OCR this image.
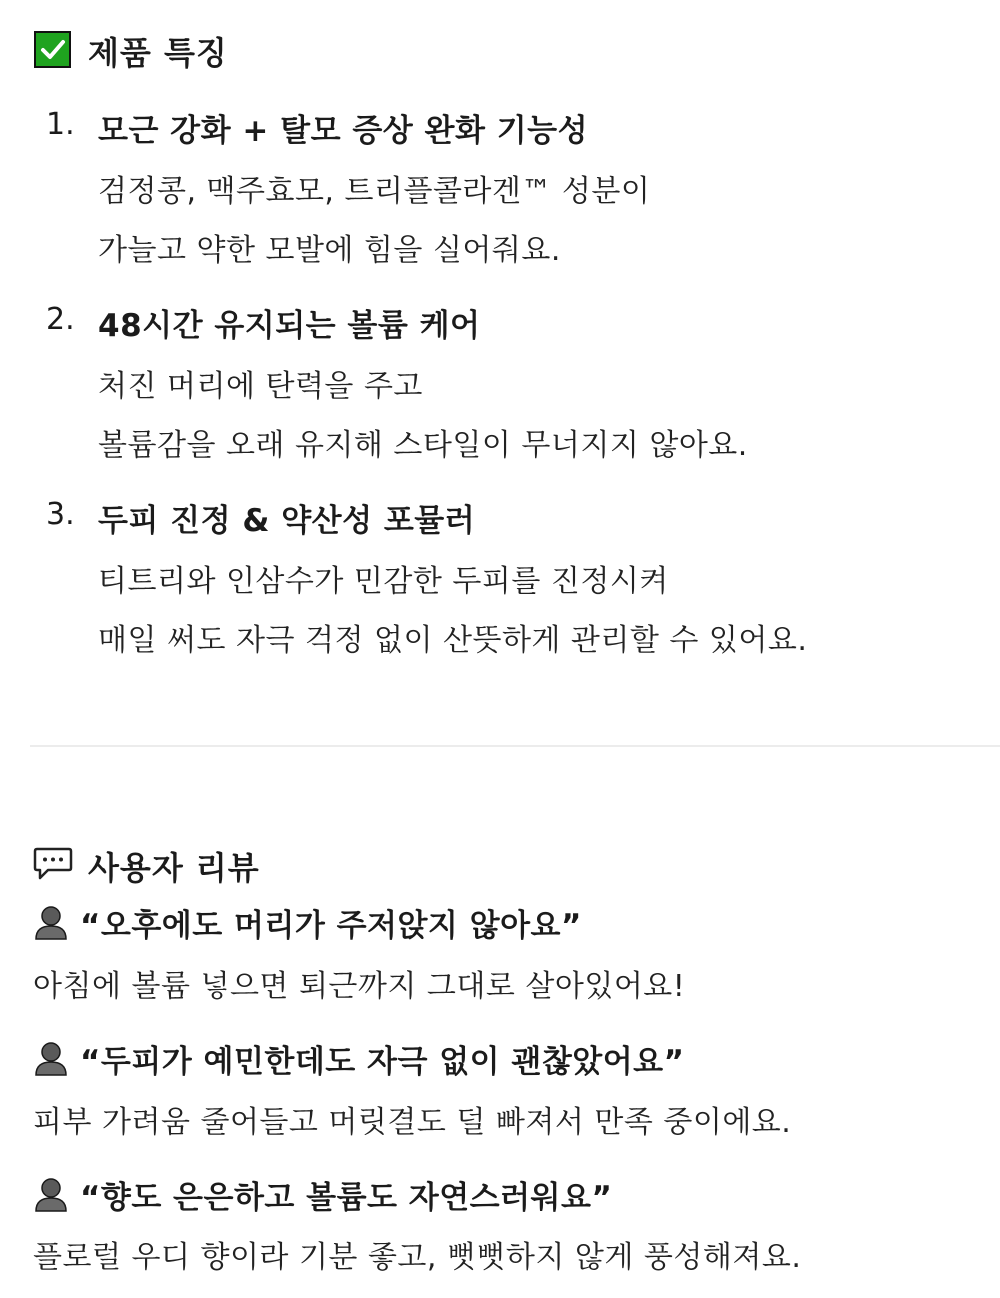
제품 특징
1. 모근 강화 + 탈모 증상 완화 기능성
검정콩, 맥주효모, 트리플콜라겐™ 성분이
가늘고 약한 모발에 힘을 실어줘요.
2. 48시간 유지되는 볼륨 케어
처진 머리에 탄력을 주고
볼륨감을 오래 유지해 스타일이 무너지지 않아요.
3. 두피 진정 & 약산성 포뮬러
티트리와 인삼수가 민감한 두피를 진정시켜
매일 써도 자극 걱정 없이 산뜻하게 관리할 수 있어요.
사용자 리뷰
“오후에도 머리가 주저앉지 않아요”
아침에 볼륨 넣으면 퇴근까지 그대로 살아있어요!
“두피가 예민한데도 자극 없이 괜찮았어요”
피부 가려움 줄어들고 머릿결도 덜 빠져서 만족 중이에요.
“향도 은은하고 볼륨도 자연스러워요”
플로럴 우디 향이라 기분 좋고, 뻣뻣하지 않게 풍성해져요.
